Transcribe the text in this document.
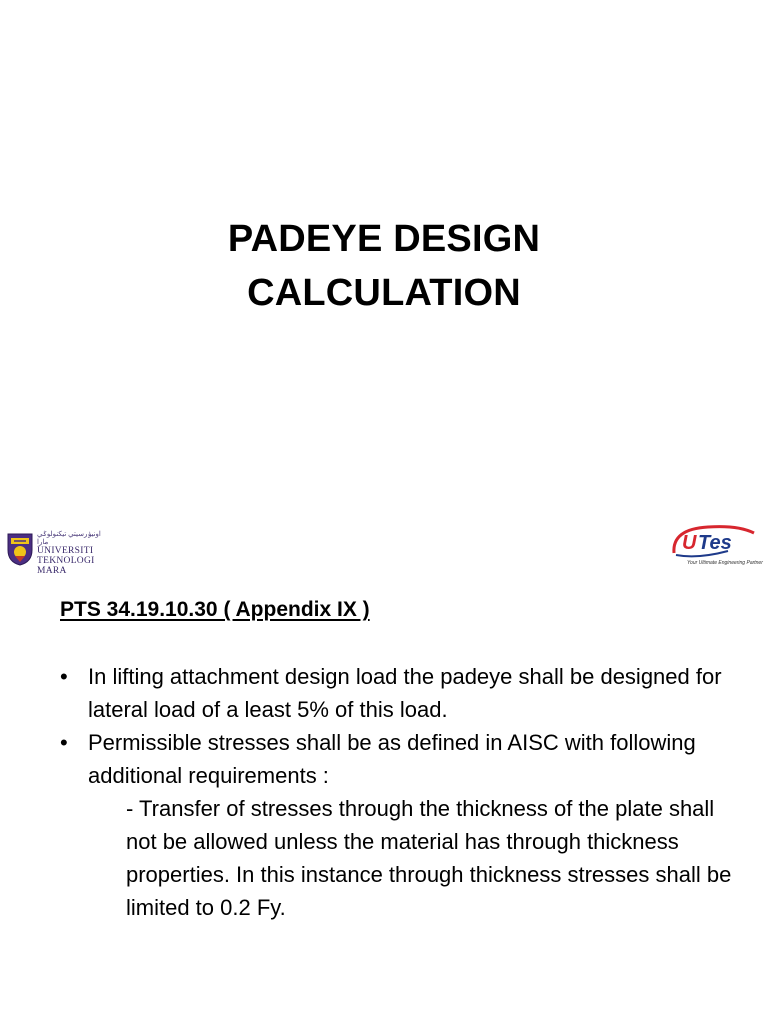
PADEYE DESIGN
CALCULATION
اونيۏرسيتي تيكنولوݢي مارا
UNIVERSITI
TEKNOLOGI
MARA
U Tes
Your Ultimate Engineering Partner
PTS 34.19.10.30 ( Appendix IX )
• In lifting attachment design load the padeye shall be designed for lateral load of a least 5% of this load.
• Permissible stresses shall be as defined in AISC with following additional requirements :
- Transfer of stresses through the thickness of the plate shall not be allowed unless the material has through thickness properties. In this instance through thickness stresses shall be limited to 0.2 Fy.
